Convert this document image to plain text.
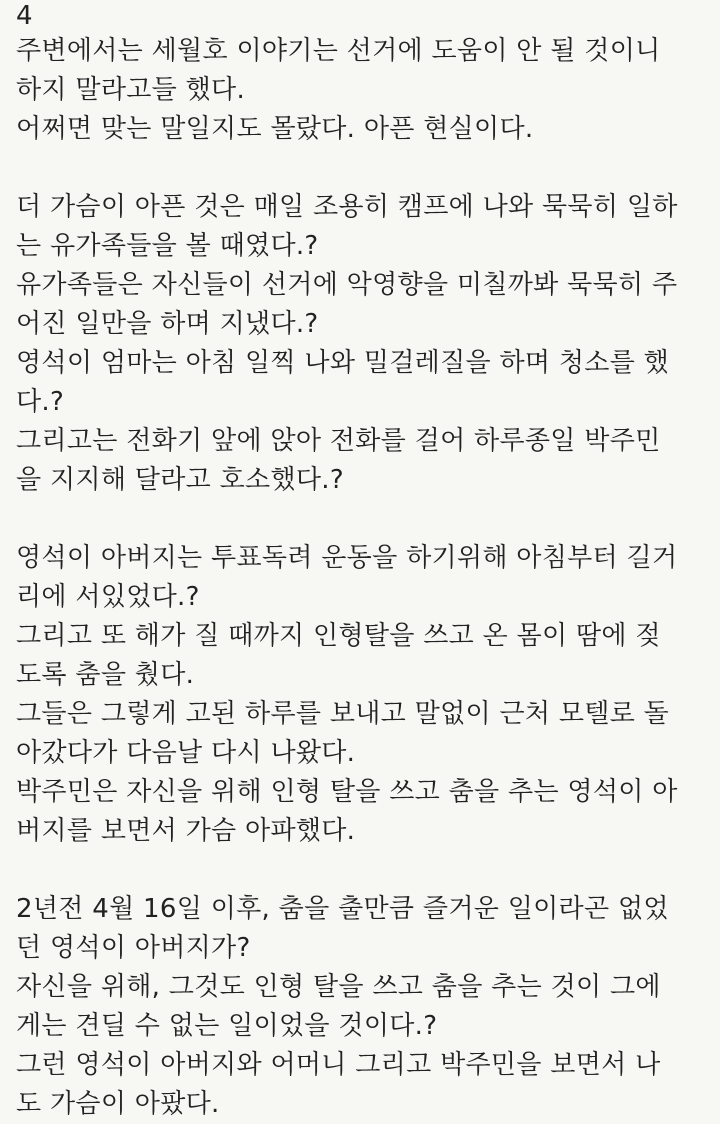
4
주변에서는 세월호 이야기는 선거에 도움이 안 될 것이니
하지 말라고들 했다.
어쩌면 맞는 말일지도 몰랐다. 아픈 현실이다.
더 가슴이 아픈 것은 매일 조용히 캠프에 나와 묵묵히 일하
는 유가족들을 볼 때였다.?
유가족들은 자신들이 선거에 악영향을 미칠까봐 묵묵히 주
어진 일만을 하며 지냈다.?
영석이 엄마는 아침 일찍 나와 밀걸레질을 하며 청소를 했
다.?
그리고는 전화기 앞에 앉아 전화를 걸어 하루종일 박주민
을 지지해 달라고 호소했다.?
영석이 아버지는 투표독려 운동을 하기위해 아침부터 길거
리에 서있었다.?
그리고 또 해가 질 때까지 인형탈을 쓰고 온 몸이 땀에 젖
도록 춤을 췄다.
그들은 그렇게 고된 하루를 보내고 말없이 근처 모텔로 돌
아갔다가 다음날 다시 나왔다.
박주민은 자신을 위해 인형 탈을 쓰고 춤을 추는 영석이 아
버지를 보면서 가슴 아파했다.
2년전 4월 16일 이후, 춤을 출만큼 즐거운 일이라곤 없었
던 영석이 아버지가?
자신을 위해, 그것도 인형 탈을 쓰고 춤을 추는 것이 그에
게는 견딜 수 없는 일이었을 것이다.?
그런 영석이 아버지와 어머니 그리고 박주민을 보면서 나
도 가슴이 아팠다.
